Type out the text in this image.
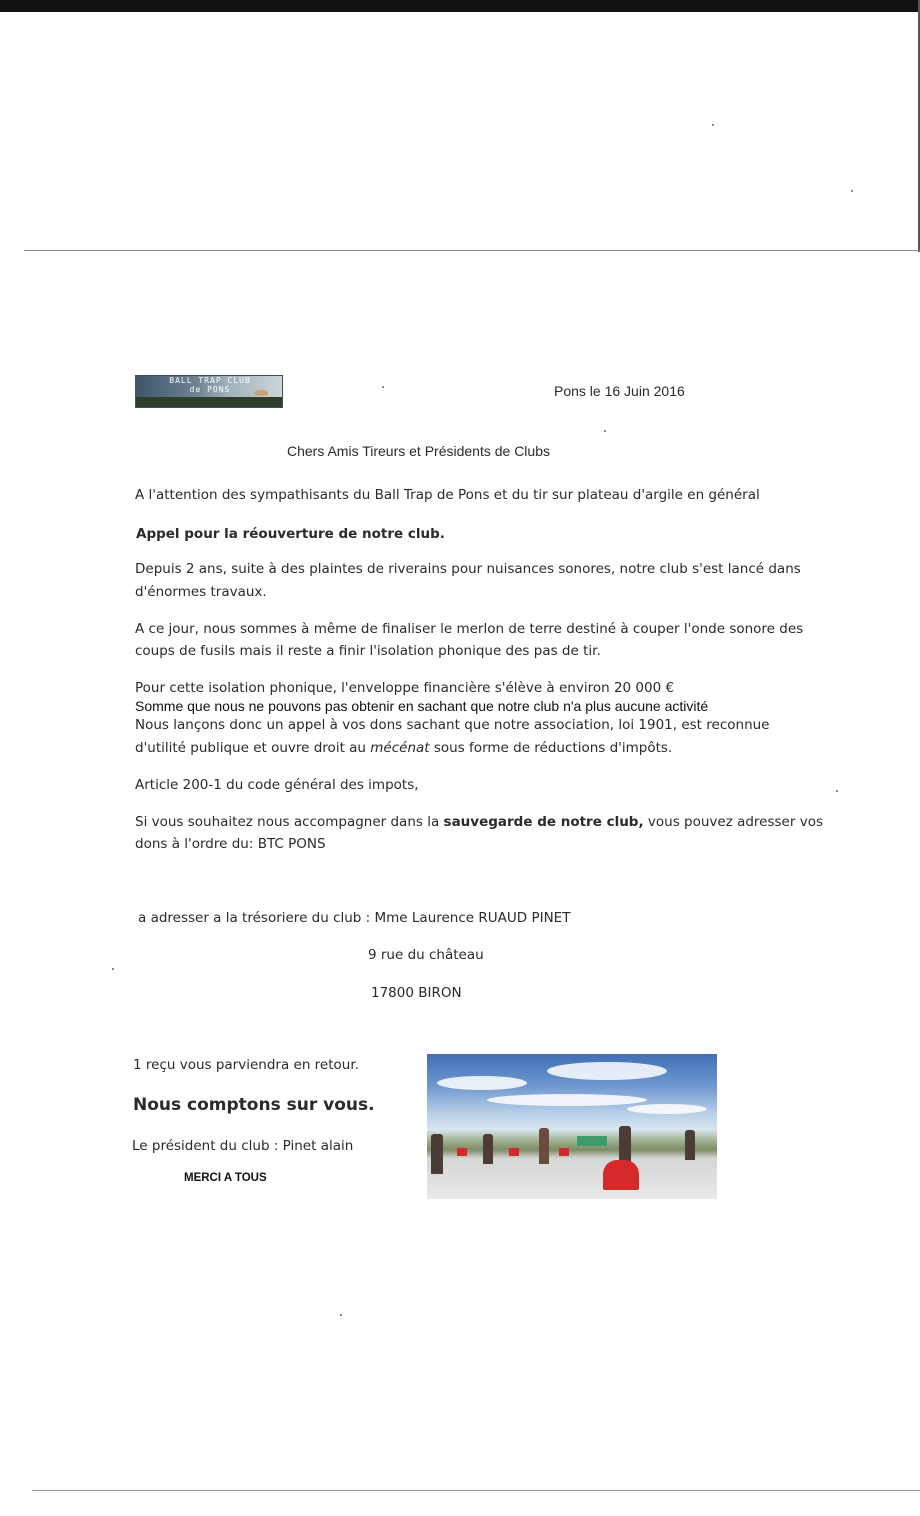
BALL TRAP CLUB
de PONS	Pons le 16 Juin 2016
Chers Amis Tireurs et Présidents de Clubs
A l'attention des sympathisants du Ball Trap de Pons et du tir sur plateau d'argile en général
Appel pour la réouverture de notre club.
Depuis 2 ans, suite à des plaintes de riverains pour nuisances sonores, notre club s'est lancé dans
d'énormes travaux.
A ce jour, nous sommes à même de finaliser le merlon de terre destiné à couper l'onde sonore des
coups de fusils mais il reste a finir l'isolation phonique des pas de tir.
Pour cette isolation phonique, l'enveloppe financière s'élève à environ 20 000 €
Somme que nous ne pouvons pas obtenir en sachant que notre club n'a plus aucune activité
Nous lançons donc un appel à vos dons sachant que notre association, loi 1901, est reconnue
d'utilité publique et ouvre droit au mécénat sous forme de réductions d'impôts.
Article 200-1 du code général des impots,
Si vous souhaitez nous accompagner dans la sauvegarde de notre club, vous pouvez adresser vos
dons à l'ordre du: BTC PONS
a adresser a la trésoriere du club : Mme Laurence RUAUD PINET
9 rue du château
17800 BIRON
1 reçu vous parviendra en retour.
Nous comptons sur vous.
Le président du club : Pinet alain
MERCI A TOUS
